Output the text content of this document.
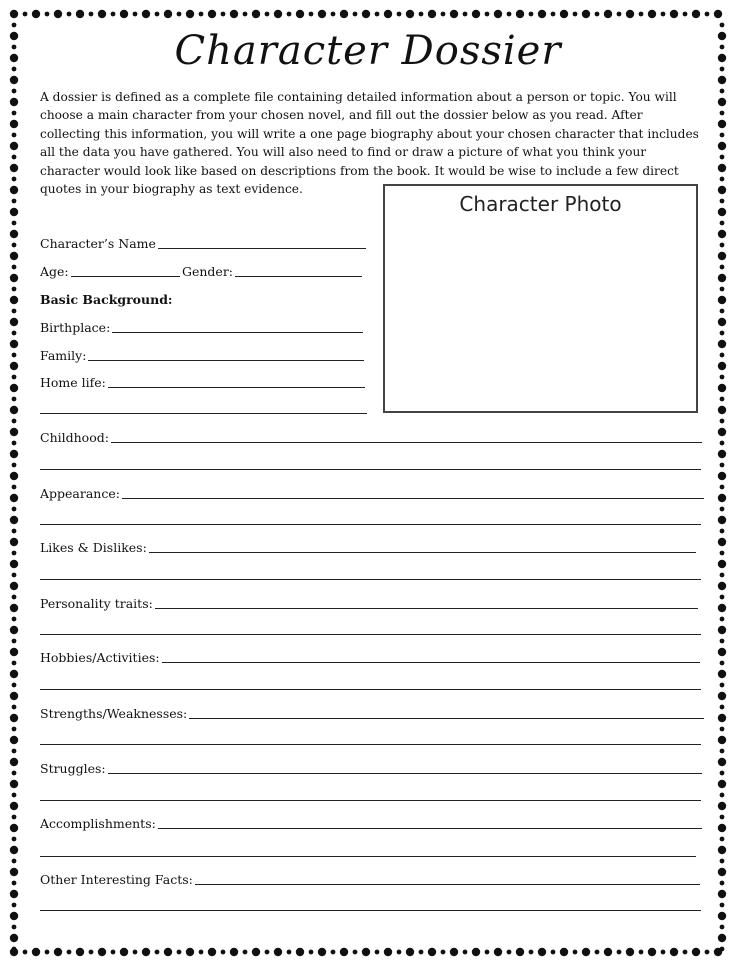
Character Dossier
A dossier is defined as a complete file containing detailed information about a person or topic. You will choose a main character from your chosen novel, and fill out the dossier below as you read. After collecting this information, you will write a one page biography about your chosen character that includes all the data you have gathered. You will also need to find or draw a picture of what you think your character would look like based on descriptions from the book. It would be wise to include a few direct quotes in your biography as text evidence.
Character Photo
Character’s Name
Age:	Gender:
Basic Background:
Birthplace:
Family:
Home life:
Childhood:
Appearance:
Likes & Dislikes:
Personality traits:
Hobbies/Activities:
Strengths/Weaknesses:
Struggles:
Accomplishments:
Other Interesting Facts:
